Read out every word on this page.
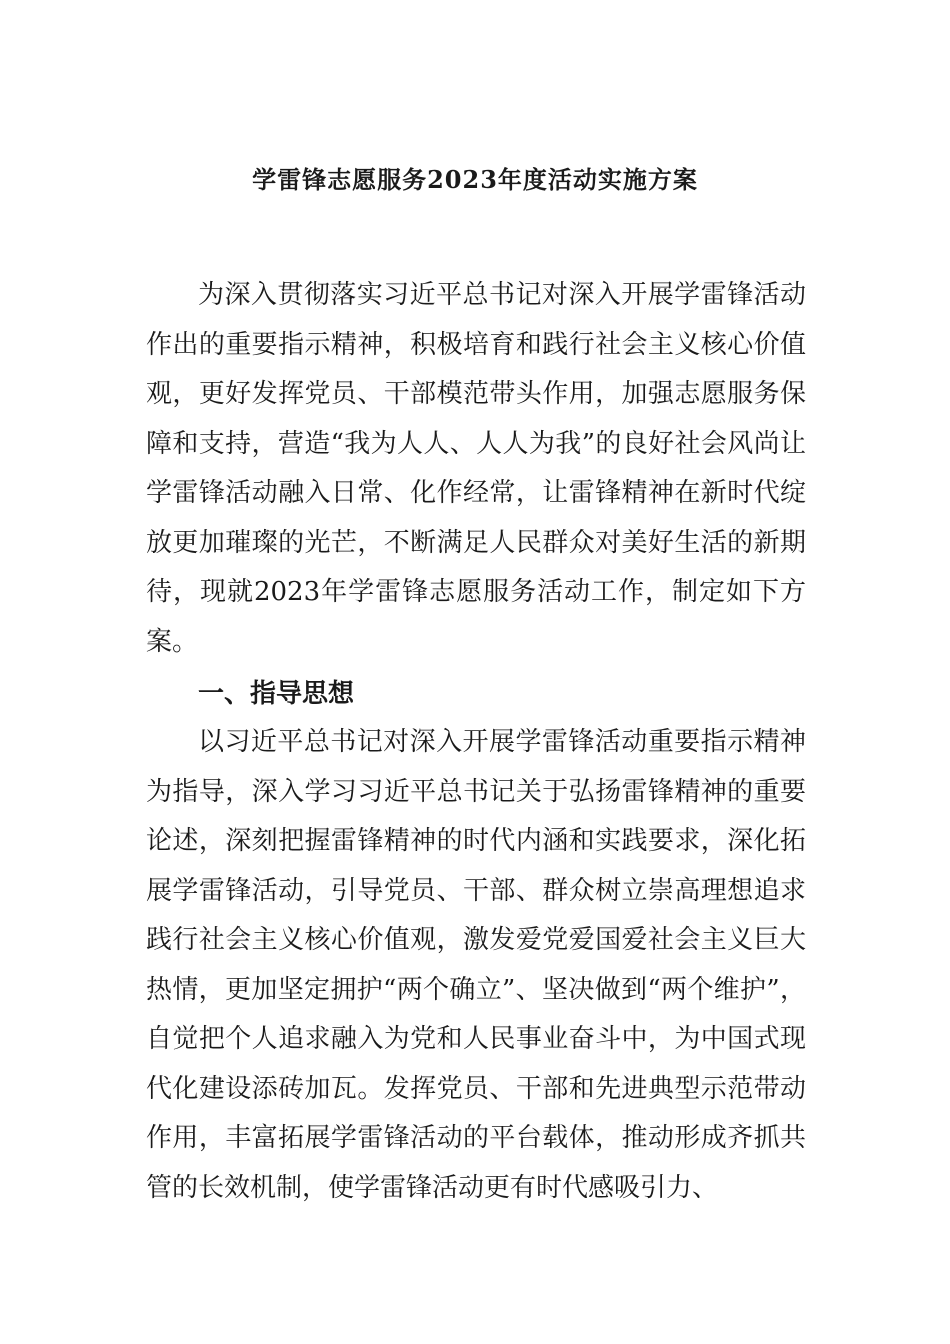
学雷锋志愿服务2023年度活动实施方案

为深入贯彻落实习近平总书记对深入开展学雷锋活动作出的重要指示精神，积极培育和践行社会主义核心价值观，更好发挥党员、干部模范带头作用，加强志愿服务保障和支持，营造“我为人人、人人为我”的良好社会风尚让学雷锋活动融入日常、化作经常，让雷锋精神在新时代绽放更加璀璨的光芒，不断满足人民群众对美好生活的新期待，现就2023年学雷锋志愿服务活动工作，制定如下方案。

一、指导思想

以习近平总书记对深入开展学雷锋活动重要指示精神为指导，深入学习习近平总书记关于弘扬雷锋精神的重要论述，深刻把握雷锋精神的时代内涵和实践要求，深化拓展学雷锋活动，引导党员、干部、群众树立崇高理想追求践行社会主义核心价值观，激发爱党爱国爱社会主义巨大热情，更加坚定拥护“两个确立”、坚决做到“两个维护”，自觉把个人追求融入为党和人民事业奋斗中，为中国式现代化建设添砖加瓦。发挥党员、干部和先进典型示范带动作用，丰富拓展学雷锋活动的平台载体，推动形成齐抓共管的长效机制，使学雷锋活动更有时代感吸引力、
